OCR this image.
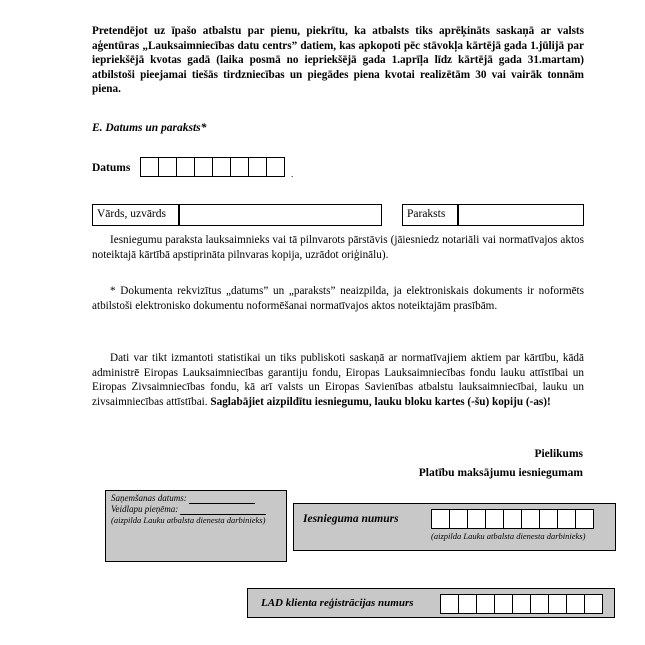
Pretendējot uz īpašo atbalstu par pienu, piekrītu, ka atbalsts tiks aprēķināts saskaņā ar valsts aģentūras „Lauksaimniecības datu centrs” datiem, kas apkopoti pēc stāvokļa kārtējā gada 1.jūlijā par iepriekšējā kvotas gadā (laika posmā no iepriekšējā gada 1.aprīļa līdz kārtējā gada 31.martam) atbilstoši pieejamai tiešās tirdzniecības un piegādes piena kvotai realizētām 30 vai vairāk tonnām piena.
E. Datums un paraksts*
Datums	.	.	.
Vārds, uzvārds	Paraksts
Iesniegumu paraksta lauksaimnieks vai tā pilnvarots pārstāvis (jāiesniedz notariāli vai normatīvajos aktos noteiktajā kārtībā apstiprināta pilnvaras kopija, uzrādot oriģinālu).
* Dokumenta rekvizītus „datums” un „paraksts” neaizpilda, ja elektroniskais dokuments ir noformēts atbilstoši elektronisko dokumentu noformēšanai normatīvajos aktos noteiktajām prasībām.
Dati var tikt izmantoti statistikai un tiks publiskoti saskaņā ar normatīvajiem aktiem par kārtību, kādā administrē Eiropas Lauksaimniecības garantiju fondu, Eiropas Lauksaimniecības fondu lauku attīstībai un Eiropas Zivsaimniecības fondu, kā arī valsts un Eiropas Savienības atbalstu lauksaimniecībai, lauku un zivsaimniecības attīstībai. Saglabājiet aizpildītu iesniegumu, lauku bloku kartes (-šu) kopiju (-as)!
Pielikums
Platību maksājumu iesniegumam
Saņemšanas datums:
Veidlapu pieņēma:
(aizpilda Lauku atbalsta dienesta darbinieks)	Iesnieguma numurs
(aizpilda Lauku atbalsta dienesta darbinieks)
LAD klienta reģistrācijas numurs
